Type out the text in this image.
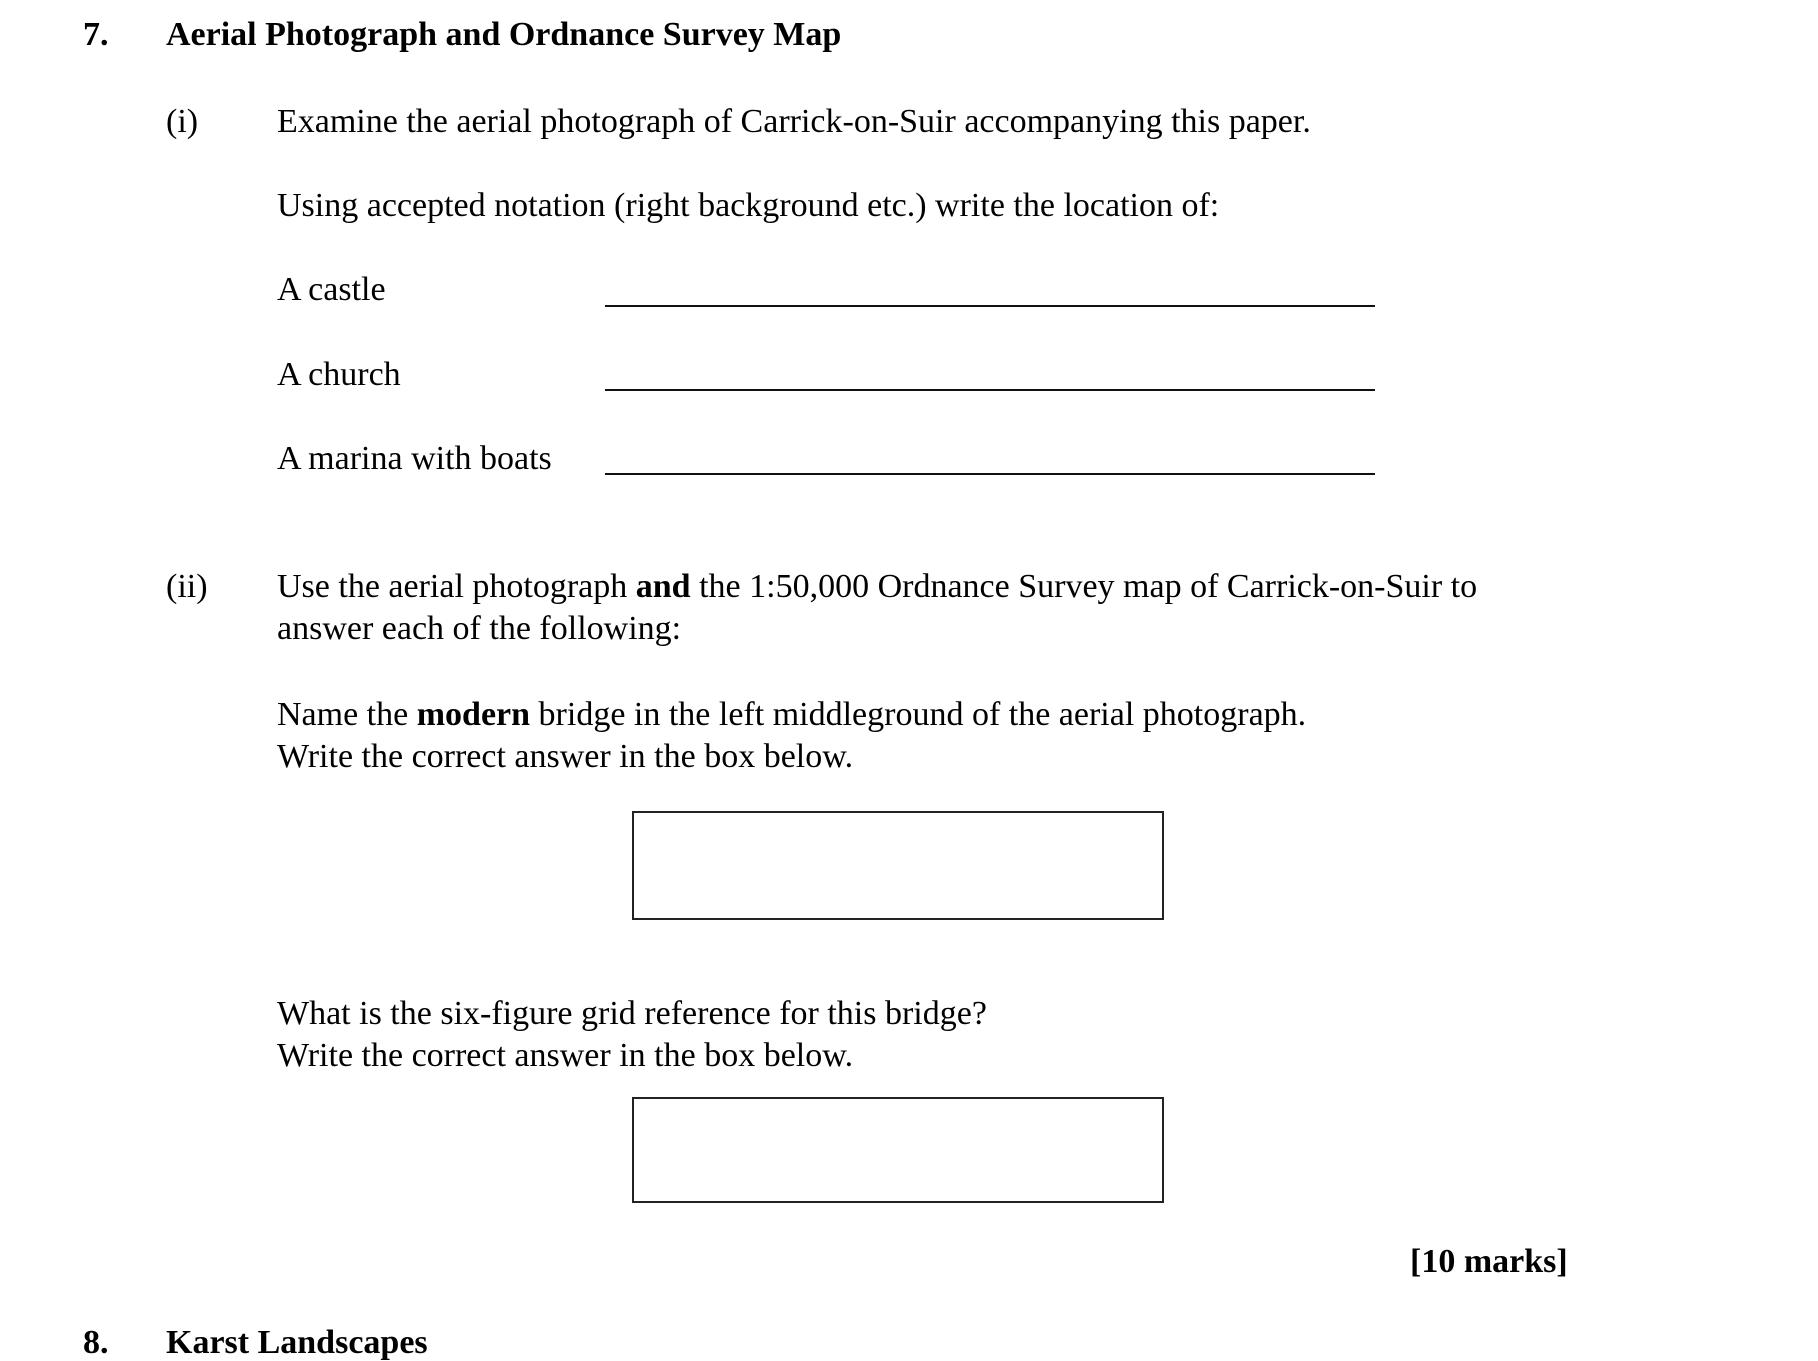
7. Aerial Photograph and Ordnance Survey Map
(i) Examine the aerial photograph of Carrick-on-Suir accompanying this paper.
Using accepted notation (right background etc.) write the location of:
A castle
A church
A marina with boats
(ii) Use the aerial photograph and the 1:50,000 Ordnance Survey map of Carrick-on-Suir to
answer each of the following:
Name the modern bridge in the left middleground of the aerial photograph.
Write the correct answer in the box below.
What is the six-figure grid reference for this bridge?
Write the correct answer in the box below.
[10 marks]
8. Karst Landscapes
